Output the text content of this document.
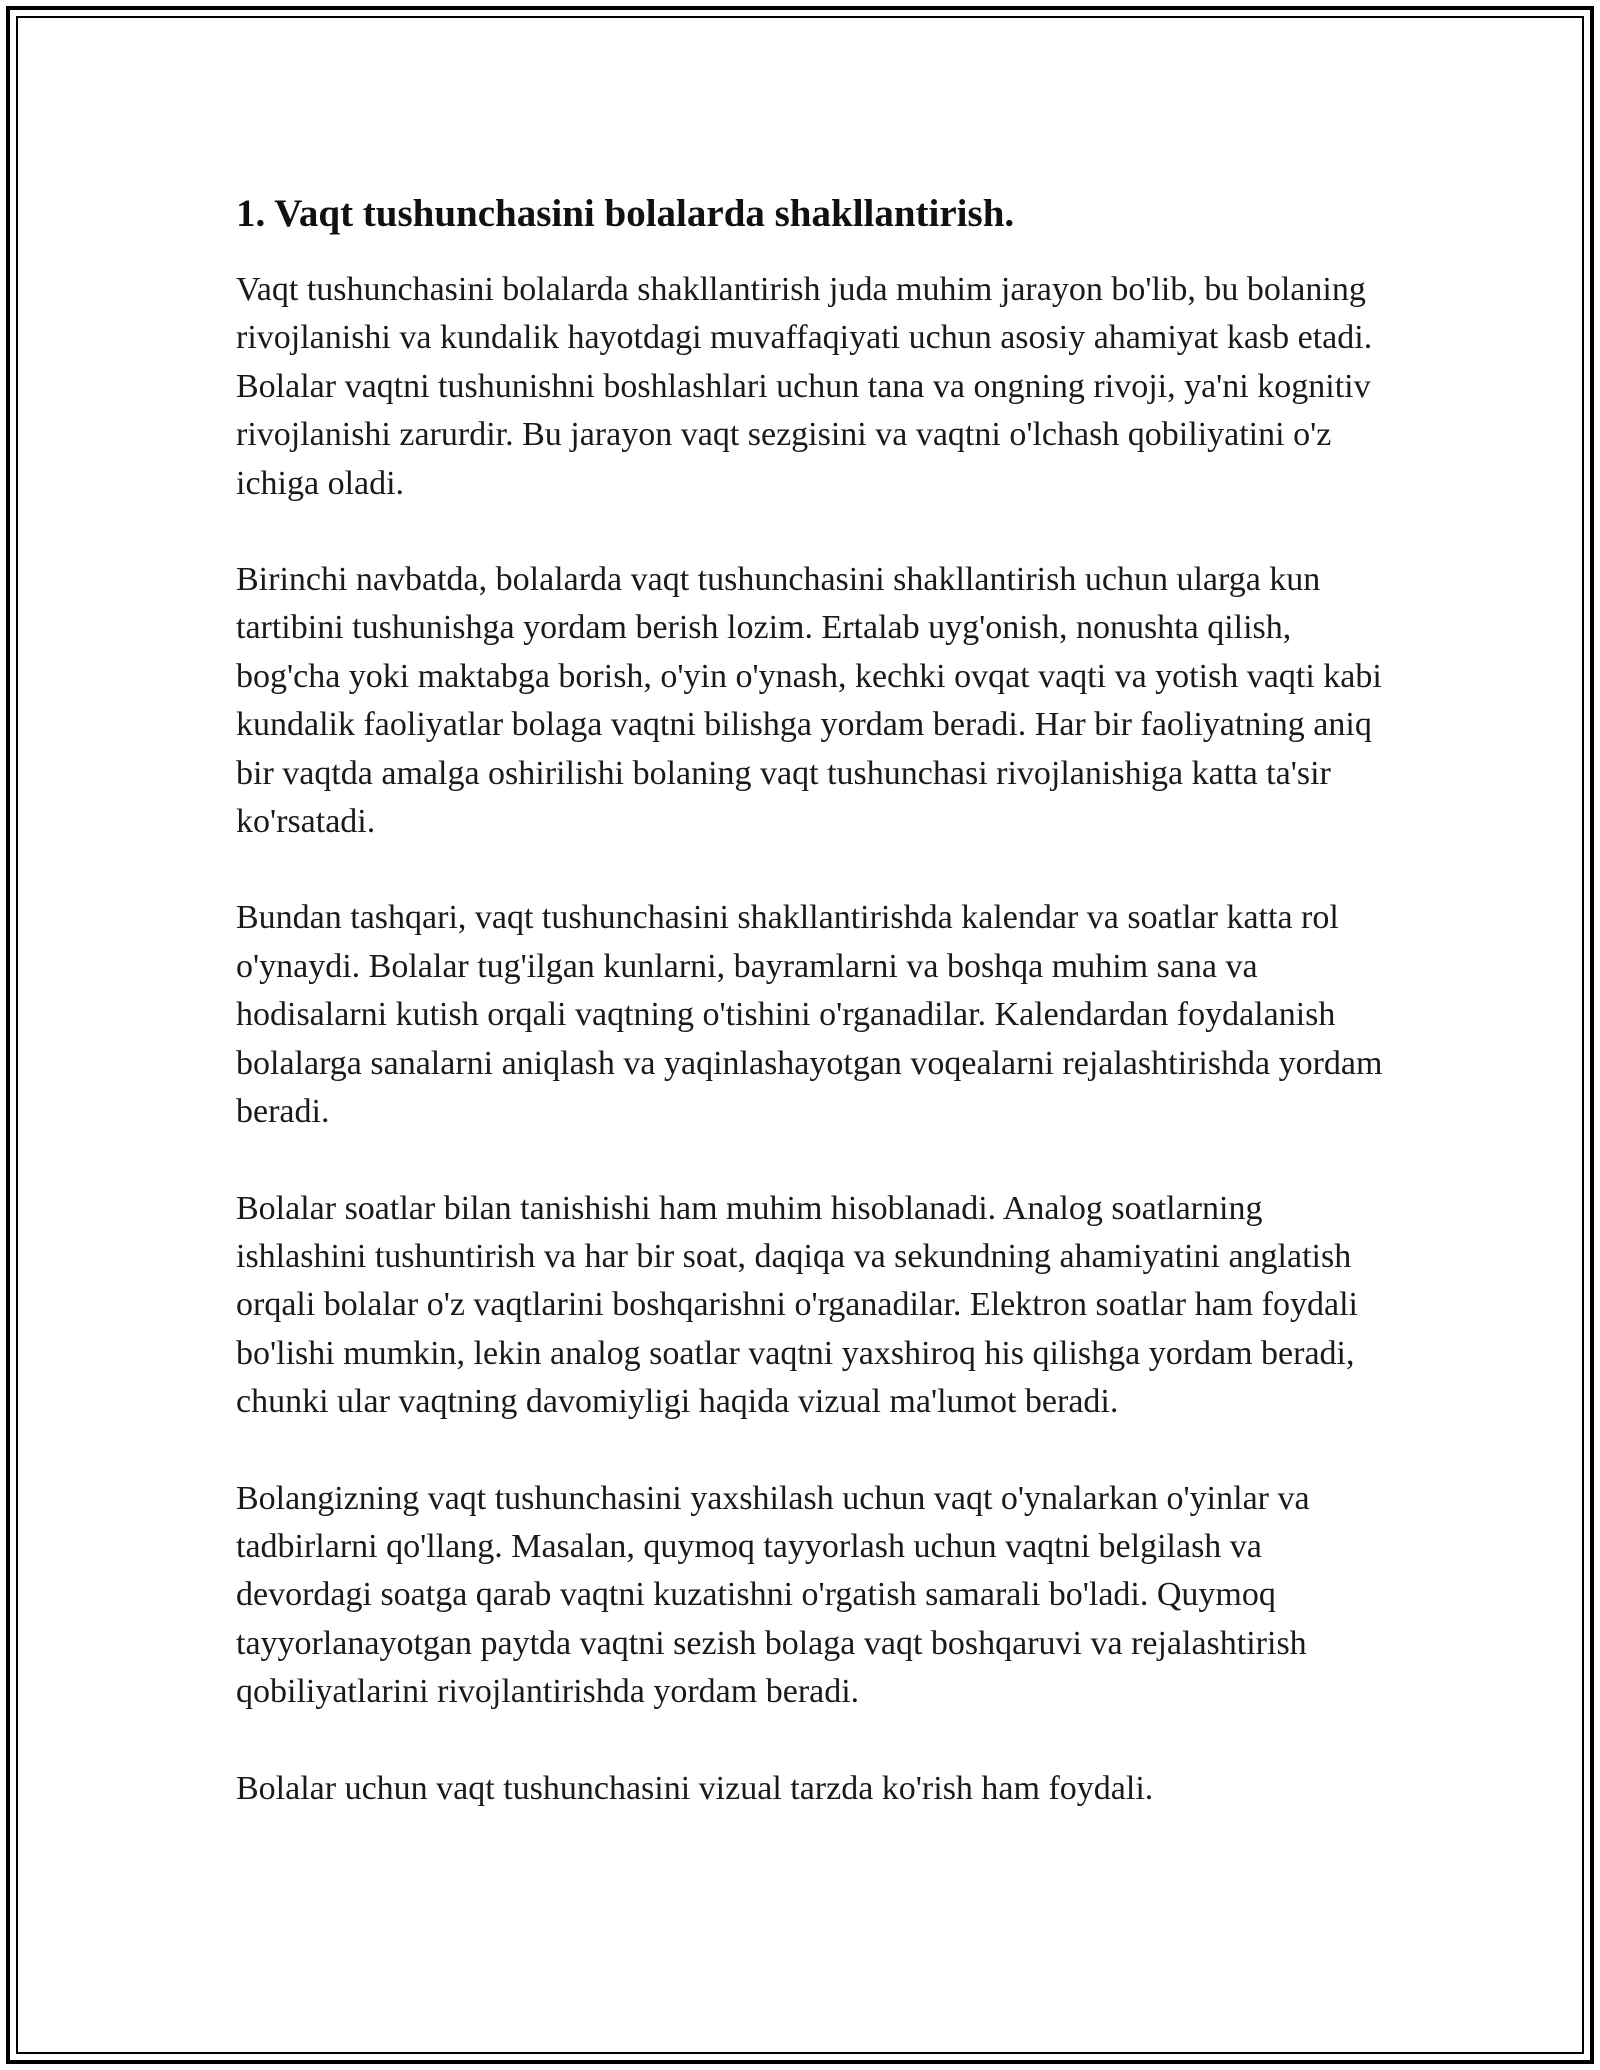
1. Vaqt tushunchasini bolalarda shakllantirish.

Vaqt tushunchasini bolalarda shakllantirish juda muhim jarayon bo'lib, bu bolaning rivojlanishi va kundalik hayotdagi muvaffaqiyati uchun asosiy ahamiyat kasb etadi. Bolalar vaqtni tushunishni boshlashlari uchun tana va ongning rivoji, ya'ni kognitiv rivojlanishi zarurdir. Bu jarayon vaqt sezgisini va vaqtni o'lchash qobiliyatini o'z ichiga oladi.

Birinchi navbatda, bolalarda vaqt tushunchasini shakllantirish uchun ularga kun tartibini tushunishga yordam berish lozim. Ertalab uyg'onish, nonushta qilish, bog'cha yoki maktabga borish, o'yin o'ynash, kechki ovqat vaqti va yotish vaqti kabi kundalik faoliyatlar bolaga vaqtni bilishga yordam beradi. Har bir faoliyatning aniq bir vaqtda amalga oshirilishi bolaning vaqt tushunchasi rivojlanishiga katta ta'sir ko'rsatadi.

Bundan tashqari, vaqt tushunchasini shakllantirishda kalendar va soatlar katta rol o'ynaydi. Bolalar tug'ilgan kunlarni, bayramlarni va boshqa muhim sana va hodisalarni kutish orqali vaqtning o'tishini o'rganadilar. Kalendardan foydalanish bolalarga sanalarni aniqlash va yaqinlashayotgan voqealarni rejalashtirishda yordam beradi.

Bolalar soatlar bilan tanishishi ham muhim hisoblanadi. Analog soatlarning ishlashini tushuntirish va har bir soat, daqiqa va sekundning ahamiyatini anglatish orqali bolalar o'z vaqtlarini boshqarishni o'rganadilar. Elektron soatlar ham foydali bo'lishi mumkin, lekin analog soatlar vaqtni yaxshiroq his qilishga yordam beradi, chunki ular vaqtning davomiyligi haqida vizual ma'lumot beradi.

Bolangizning vaqt tushunchasini yaxshilash uchun vaqt o'ynalarkan o'yinlar va tadbirlarni qo'llang. Masalan, quymoq tayyorlash uchun vaqtni belgilash va devordagi soatga qarab vaqtni kuzatishni o'rgatish samarali bo'ladi. Quymoq tayyorlanayotgan paytda vaqtni sezish bolaga vaqt boshqaruvi va rejalashtirish qobiliyatlarini rivojlantirishda yordam beradi.

Bolalar uchun vaqt tushunchasini vizual tarzda ko'rish ham foydali.
